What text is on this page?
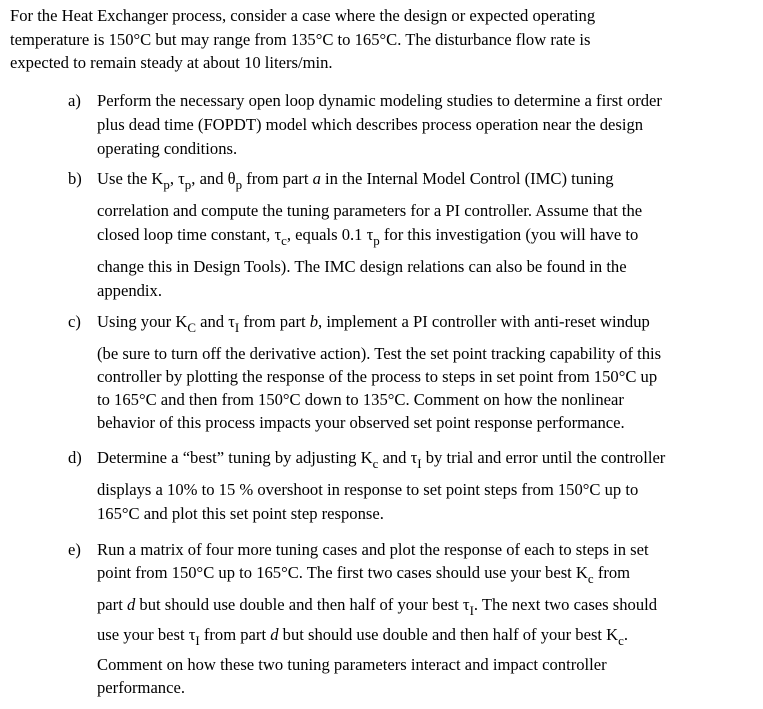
For the Heat Exchanger process, consider a case where the design or expected operating
temperature is 150°C but may range from 135°C to 165°C. The disturbance flow rate is
expected to remain steady at about 10 liters/min.
a) Perform the necessary open loop dynamic modeling studies to determine a first order
plus dead time (FOPDT) model which describes process operation near the design
operating conditions.
b) Use the $K_p$, $\tau_p$, and $\theta_p$ from part a in the Internal Model Control (IMC) tuning
correlation and compute the tuning parameters for a PI controller. Assume that the
closed loop time constant, $\tau_c$, equals 0.1 $\tau_p$ for this investigation (you will have to
change this in Design Tools). The IMC design relations can also be found in the
appendix.
c) Using your $K_C$ and $\tau_I$ from part b, implement a PI controller with anti-reset windup
(be sure to turn off the derivative action). Test the set point tracking capability of this
controller by plotting the response of the process to steps in set point from 150°C up
to 165°C and then from 150°C down to 135°C. Comment on how the nonlinear
behavior of this process impacts your observed set point response performance.
d) Determine a “best” tuning by adjusting $K_c$ and $\tau_I$ by trial and error until the controller
displays a 10% to 15 % overshoot in response to set point steps from 150°C up to
165°C and plot this set point step response.
e) Run a matrix of four more tuning cases and plot the response of each to steps in set
point from 150°C up to 165°C. The first two cases should use your best $K_c$ from
part d but should use double and then half of your best $\tau_I$. The next two cases should
use your best $\tau_I$ from part d but should use double and then half of your best $K_c$.
Comment on how these two tuning parameters interact and impact controller
performance.
